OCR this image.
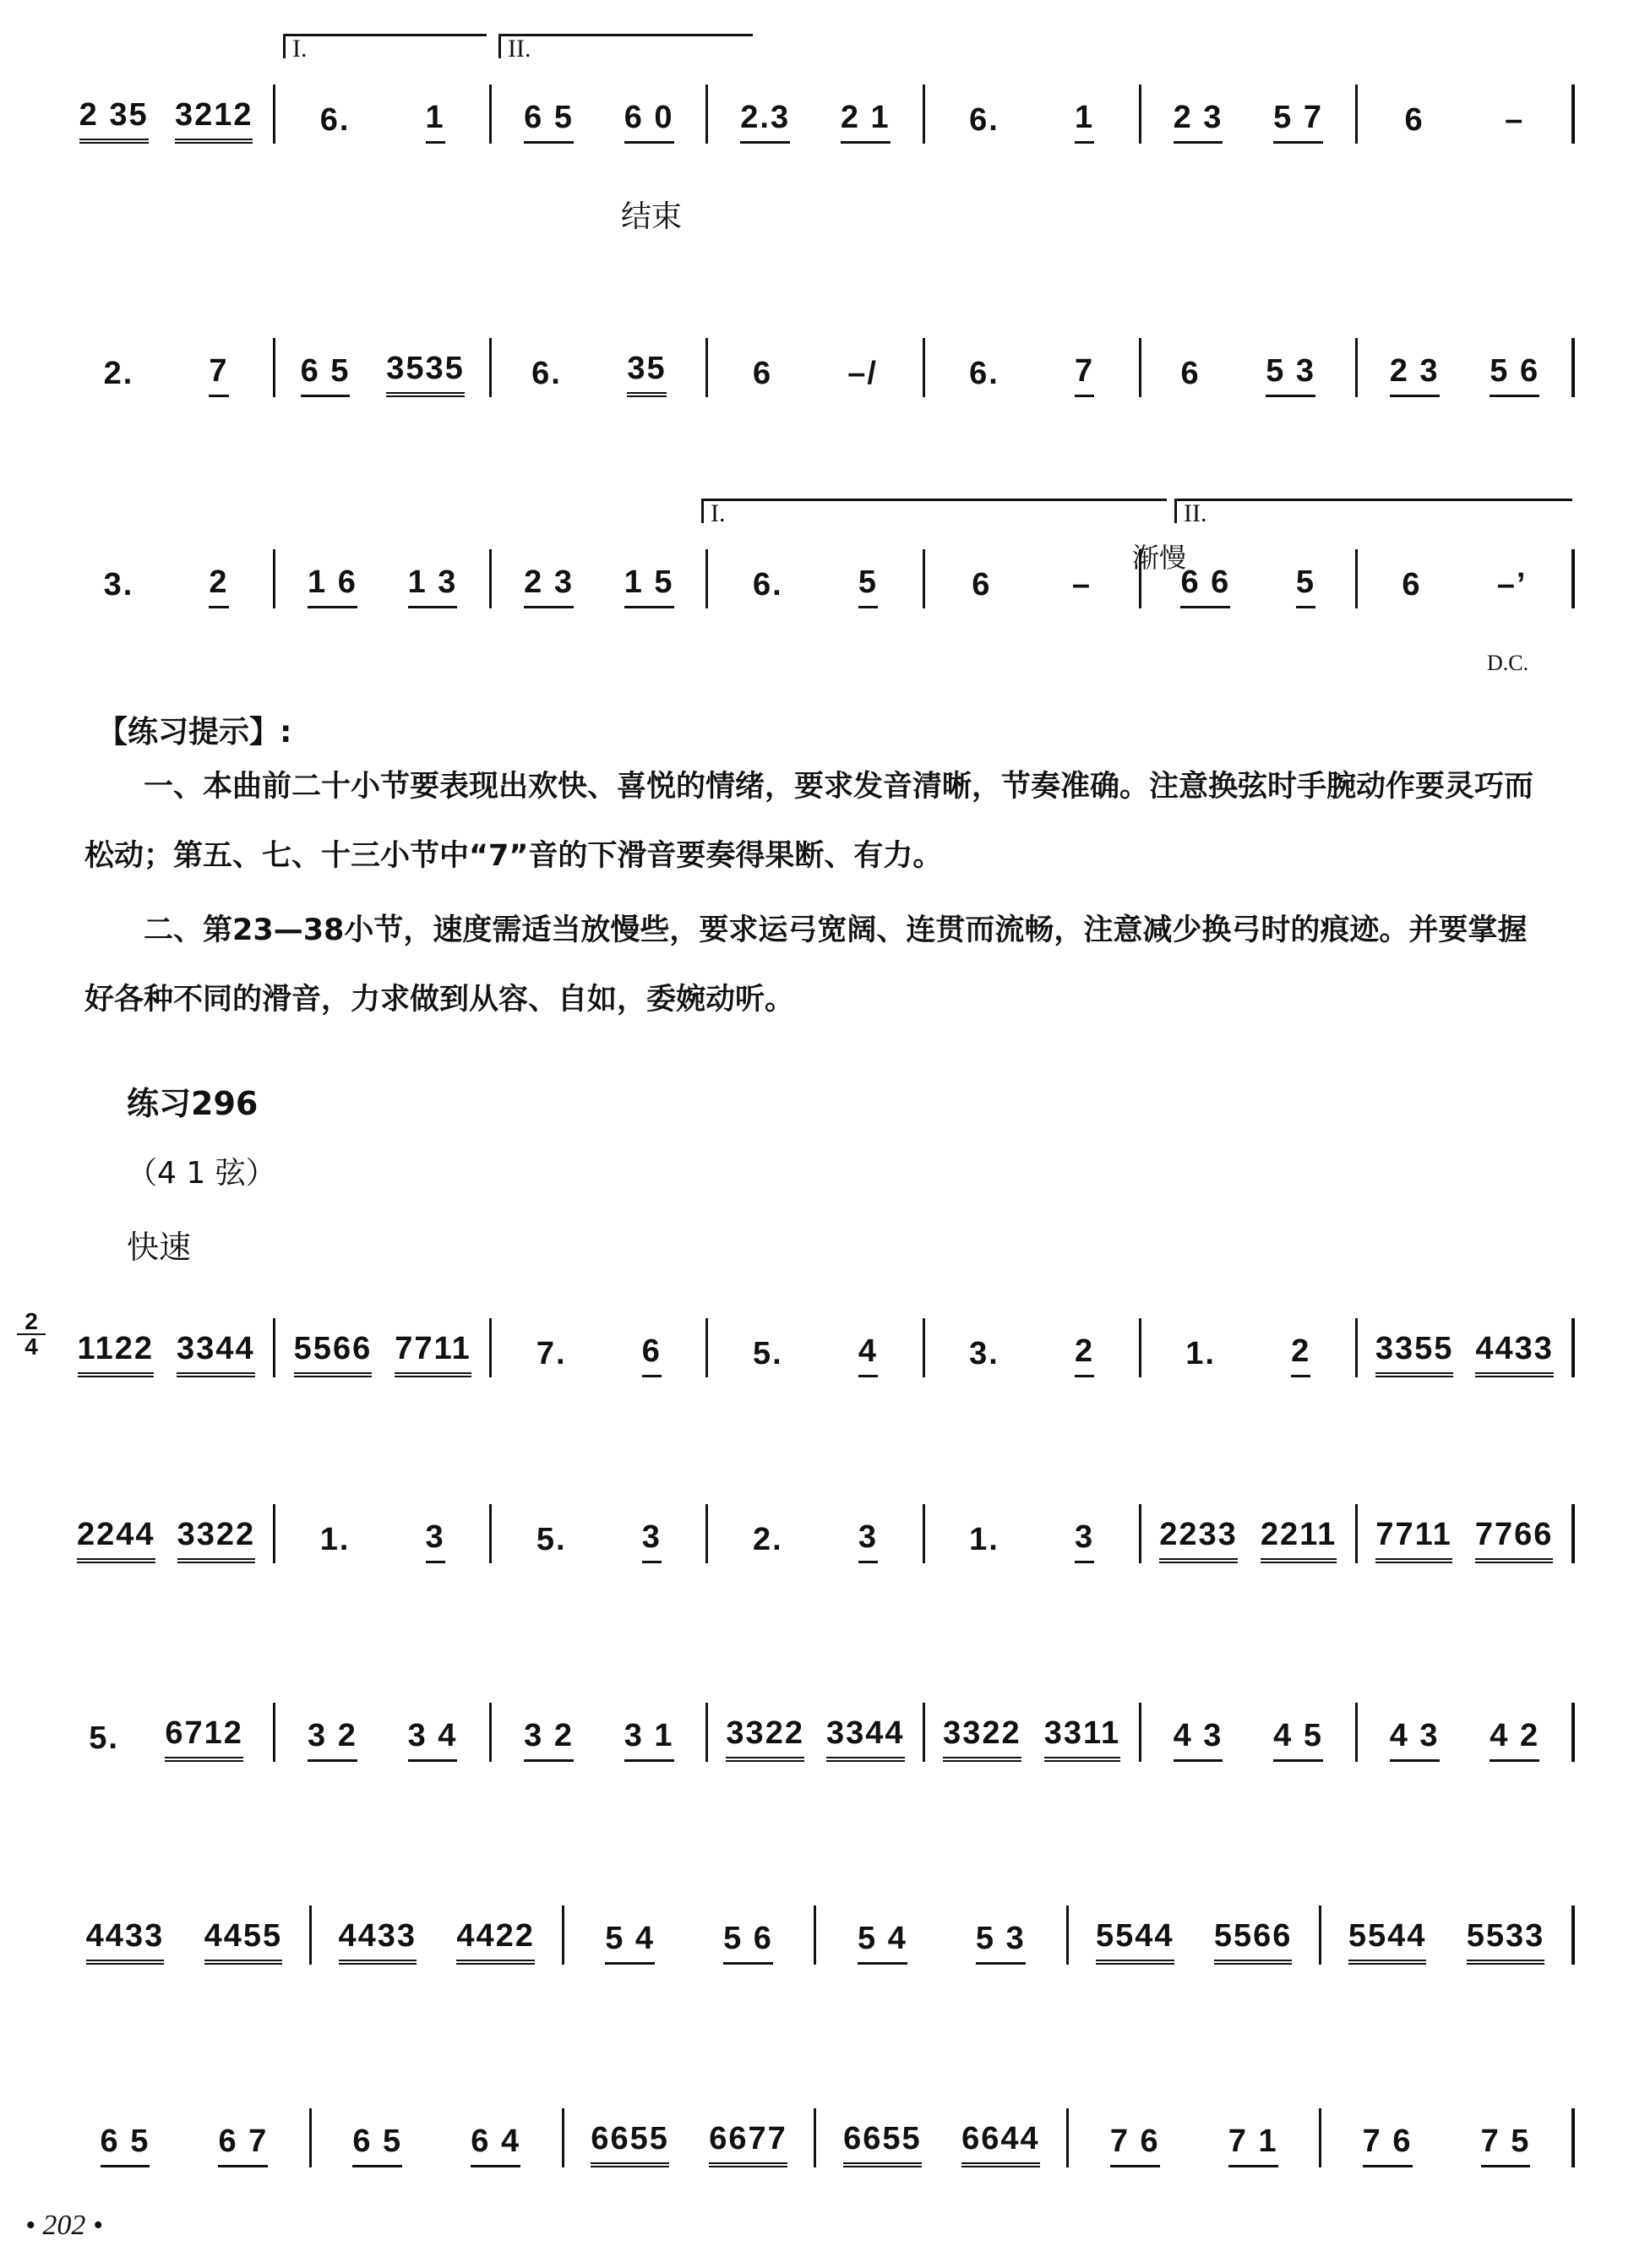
I.	II.
2 35 3212 6. 1 6 5 6 0 2.3 2 1 6. 1 2 3 5 7	6	–
结束
2. 7 6 5 3535 6. 35	6 –/	6. 7	6 5 3 2 3 5 6
I.	II.
3. 2 1 6 1 3 2 3 1 5 6. 5	6	–	6 6 5	6 –’
渐慢
D.C.
【练习提示】:
一、本曲前二十小节要表现出欢快、喜悦的情绪，要求发音清晰，节奏准确。注意换弦时手腕动作要灵巧而松动；第五、七、十三小节中“7”音的下滑音要奏得果断、有力。
二、第23—38小节，速度需适当放慢些，要求运弓宽阔、连贯而流畅，注意减少换弓时的痕迹。并要掌握好各种不同的滑音，力求做到从容、自如，委婉动听。
练习296
（4 1 弦）
快速
$\frac{2}{4} 1122$ 3344 5566 7711 7. 6	5. 4	3. 2	1. 2 3355 4433
2244 3322 1. 3	5. 3	2. 3	1. 3 2233 2211 7711 7766
5. 6712 3 2 3 4 3 2 3 1 3322 3344 3322 3311 4 3 4 5 4 3 4 2
4433 4455 4433 4422 5 4 5 6	5 4 5 3 5544 5566 5544 5533
6 5 6 7	6 5 6 4 6655 6677 6655 6644 7 6 7 1	7 6 7 5
• 202 •
